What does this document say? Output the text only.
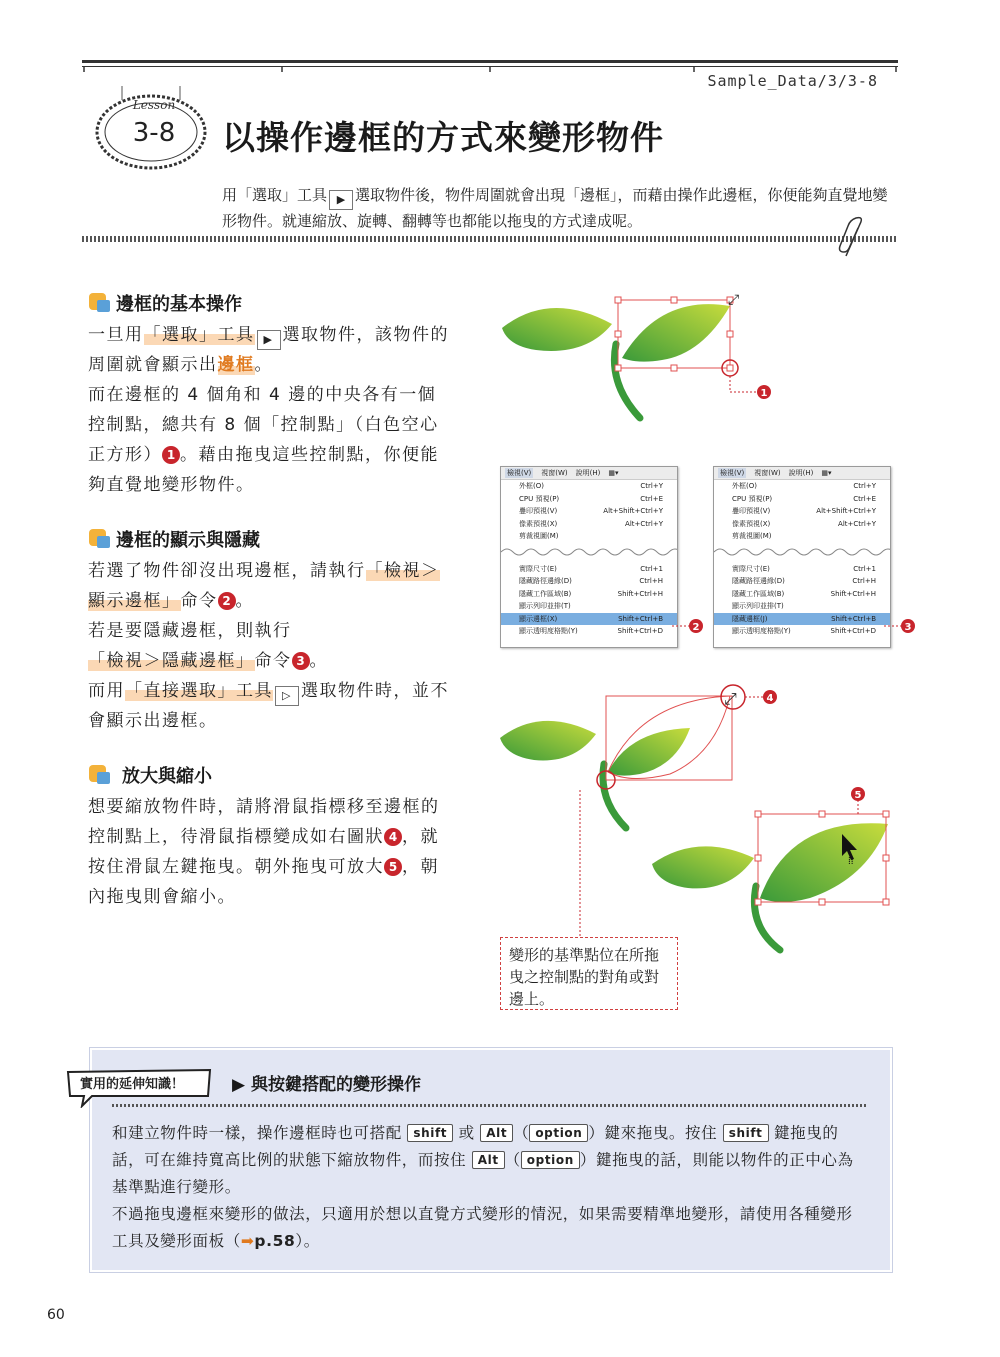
Sample_Data/3/3-8
Lesson
3-8 以操作邊框的方式來變形物件
用「選取」工具 ▶ 選取物件後，物件周圍就會出現「邊框」，而藉由操作此邊框，你便能夠直覺地變形物件。就連縮放、旋轉、翻轉等也都能以拖曳的方式達成呢。
邊框的基本操作
一旦用「選取」工具 ▶ 選取物件，該物件的周圍就會顯示出邊框。
而在邊框的 4 個角和 4 邊的中央各有一個控制點，總共有 8 個「控制點」（白色空心正方形） 1 。藉由拖曳這些控制點，你便能夠直覺地變形物件。
邊框的顯示與隱藏
若選了物件卻沒出現邊框，請執行「檢視＞顯示邊框」命令 2 。
若是要隱藏邊框，則執行「檢視＞隱藏邊框」命令 3 。
而用「直接選取」工具 ▷ 選取物件時，並不會顯示出邊框。
放大與縮小
想要縮放物件時，請將滑鼠指標移至邊框的控制點上，待滑鼠指標變成如右圖狀 4 ，就按住滑鼠左鍵拖曳。朝外拖曳可放大 5 ，朝內拖曳則會縮小。
⤢
1
檢視(V) 視窗(W) 說明(H) ▦▾
外框(O)	Ctrl+Y
CPU 預視(P)	Ctrl+E
疊印預視(V)	Alt+Shift+Ctrl+Y
像素預視(X)	Alt+Ctrl+Y
剪裁視圖(M)
實際尺寸(E)	Ctrl+1
隱藏路徑邊緣(D)	Ctrl+H
隱藏工作區域(B)	Shift+Ctrl+H
顯示列印並排(T)
顯示邊框(X)	Shift+Ctrl+B
顯示透明度格點(Y)	Shift+Ctrl+D	2
檢視(V) 視窗(W) 說明(H) ▦▾
外框(O)	Ctrl+Y
CPU 預視(P)	Ctrl+E
疊印預視(V)	Alt+Shift+Ctrl+Y
像素預視(X)	Alt+Ctrl+Y
剪裁視圖(M)
實際尺寸(E)	Ctrl+1
隱藏路徑邊緣(D)	Ctrl+H
隱藏工作區域(B)	Shift+Ctrl+H
顯示列印並排(T)
隱藏邊框(J)	Shift+Ctrl+B
顯示透明度格點(Y)	Shift+Ctrl+D	3
⤢	4
5
⁞⁞
變形的基準點位在所拖曳之控制點的對角或對邊上。
實用的延伸知識！	▶ 與按鍵搭配的變形操作
和建立物件時一樣，操作邊框時也可搭配 shift 或 Alt （ option ）鍵來拖曳。按住 shift 鍵拖曳的話，可在維持寬高比例的狀態下縮放物件，而按住 Alt （ option ）鍵拖曳的話，則能以物件的正中心為基準點進行變形。
不過拖曳邊框來變形的做法，只適用於想以直覺方式變形的情況，如果需要精準地變形，請使用各種變形工具及變形面板（➡p.58）。
60
